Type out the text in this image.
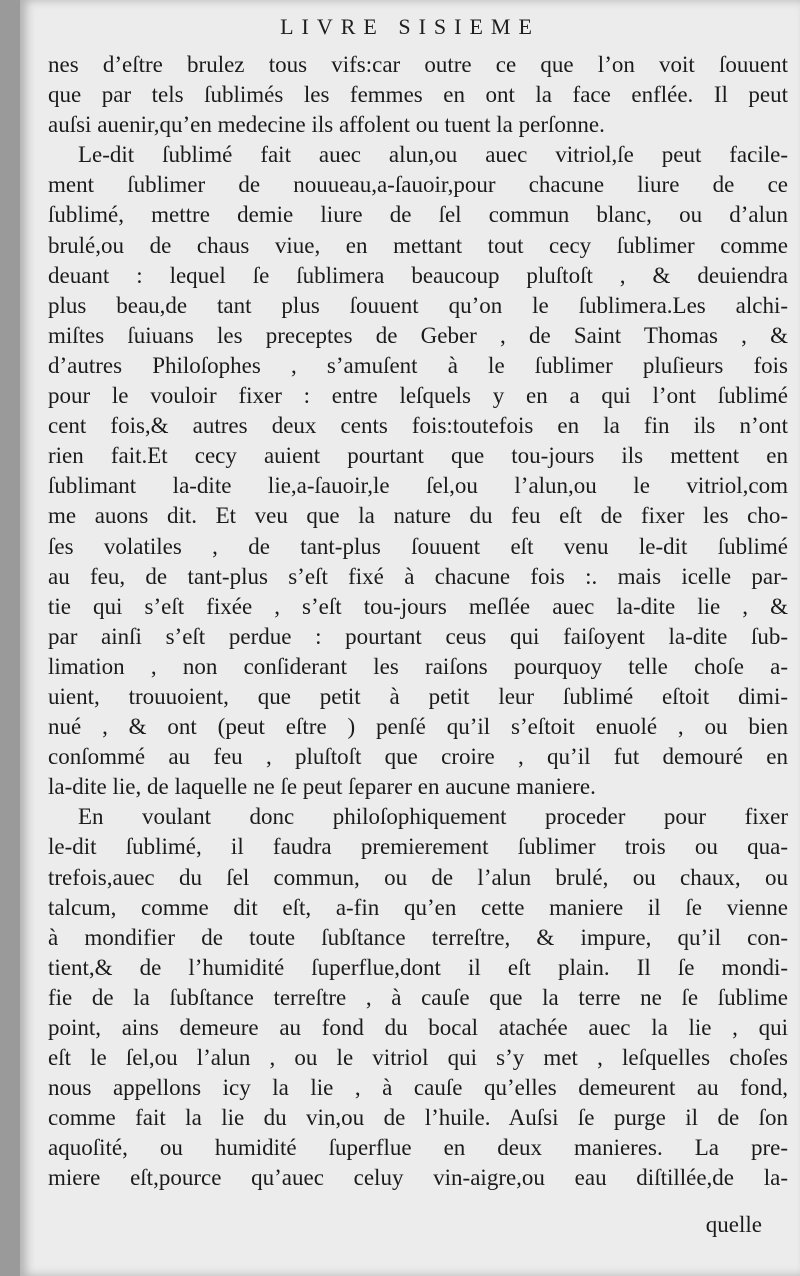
LIVRE SISIEME
nes d’eſtre brulez tous vifs:car outre ce que l’on voit ſouuent
que par tels ſublimés les femmes en ont la face enflée. Il peut
auſsi auenir,qu’en medecine ils affolent ou tuent la perſonne.
Le-dit ſublimé fait auec alun,ou auec vitriol,ſe peut facile-
ment ſublimer de nouueau,a-ſauoir,pour chacune liure de ce
ſublimé, mettre demie liure de ſel commun blanc, ou d’alun
brulé,ou de chaus viue, en mettant tout cecy ſublimer comme
deuant : lequel ſe ſublimera beaucoup pluſtoſt , & deuiendra
plus beau,de tant plus ſouuent qu’on le ſublimera.Les alchi-
miſtes ſuiuans les preceptes de Geber , de Saint Thomas , &
d’autres Philoſophes , s’amuſent à le ſublimer pluſieurs fois
pour le vouloir fixer : entre leſquels y en a qui l’ont ſublimé
cent fois,& autres deux cents fois:toutefois en la fin ils n’ont
rien fait.Et cecy auient pourtant que tou-jours ils mettent en
ſublimant la-dite lie,a-ſauoir,le ſel,ou l’alun,ou le vitriol,com
me auons dit. Et veu que la nature du feu eſt de fixer les cho-
ſes volatiles , de tant-plus ſouuent eſt venu le-dit ſublimé
au feu, de tant-plus s’eſt fixé à chacune fois :. mais icelle par-
tie qui s’eſt fixée , s’eſt tou-jours meſlée auec la-dite lie , &
par ainſi s’eſt perdue : pourtant ceus qui faiſoyent la-dite ſub-
limation , non conſiderant les raiſons pourquoy telle choſe a-
uient, trouuoient, que petit à petit leur ſublimé eſtoit dimi-
nué , & ont (peut eſtre ) penſé qu’il s’eſtoit enuolé , ou bien
conſommé au feu , pluſtoſt que croire , qu’il fut demouré en
la-dite lie, de laquelle ne ſe peut ſeparer en aucune maniere.
En voulant donc philoſophiquement proceder pour fixer
le-dit ſublimé, il faudra premierement ſublimer trois ou qua-
trefois,auec du ſel commun, ou de l’alun brulé, ou chaux, ou
talcum, comme dit eſt, a-fin qu’en cette maniere il ſe vienne
à mondifier de toute ſubſtance terreſtre, & impure, qu’il con-
tient,& de l’humidité ſuperflue,dont il eſt plain. Il ſe mondi-
fie de la ſubſtance terreſtre , à cauſe que la terre ne ſe ſublime
point, ains demeure au fond du bocal atachée auec la lie , qui
eſt le ſel,ou l’alun , ou le vitriol qui s’y met , leſquelles choſes
nous appellons icy la lie , à cauſe qu’elles demeurent au fond,
comme fait la lie du vin,ou de l’huile. Auſsi ſe purge il de ſon
aquoſité, ou humidité ſuperflue en deux manieres. La pre-
miere eſt,pource qu’auec celuy vin-aigre,ou eau diſtillée,de la-
quelle
